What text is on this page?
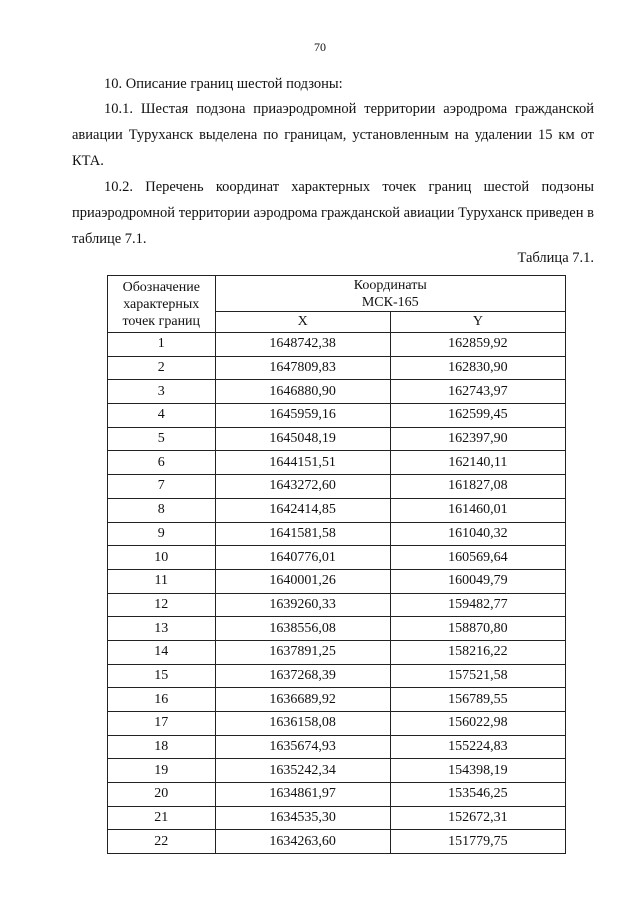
70

10. Описание границ шестой подзоны:

10.1. Шестая подзона приаэродромной территории аэродрома гражданской авиации Туруханск выделена по границам, установленным на удалении 15 км от КТА.

10.2. Перечень координат характерных точек границ шестой подзоны приаэродромной территории аэродрома гражданской авиации Туруханск приведен в таблице 7.1.

Таблица 7.1.
Обозначение
характерных
точек границ	Координаты
МСК-165	
	X	Y
1	1648742,38	162859,92
2	1647809,83	162830,90
3	1646880,90	162743,97
4	1645959,16	162599,45
5	1645048,19	162397,90
6	1644151,51	162140,11
7	1643272,60	161827,08
8	1642414,85	161460,01
9	1641581,58	161040,32
10	1640776,01	160569,64
11	1640001,26	160049,79
12	1639260,33	159482,77
13	1638556,08	158870,80
14	1637891,25	158216,22
15	1637268,39	157521,58
16	1636689,92	156789,55
17	1636158,08	156022,98
18	1635674,93	155224,83
19	1635242,34	154398,19
20	1634861,97	153546,25
21	1634535,30	152672,31
22	1634263,60	151779,75
